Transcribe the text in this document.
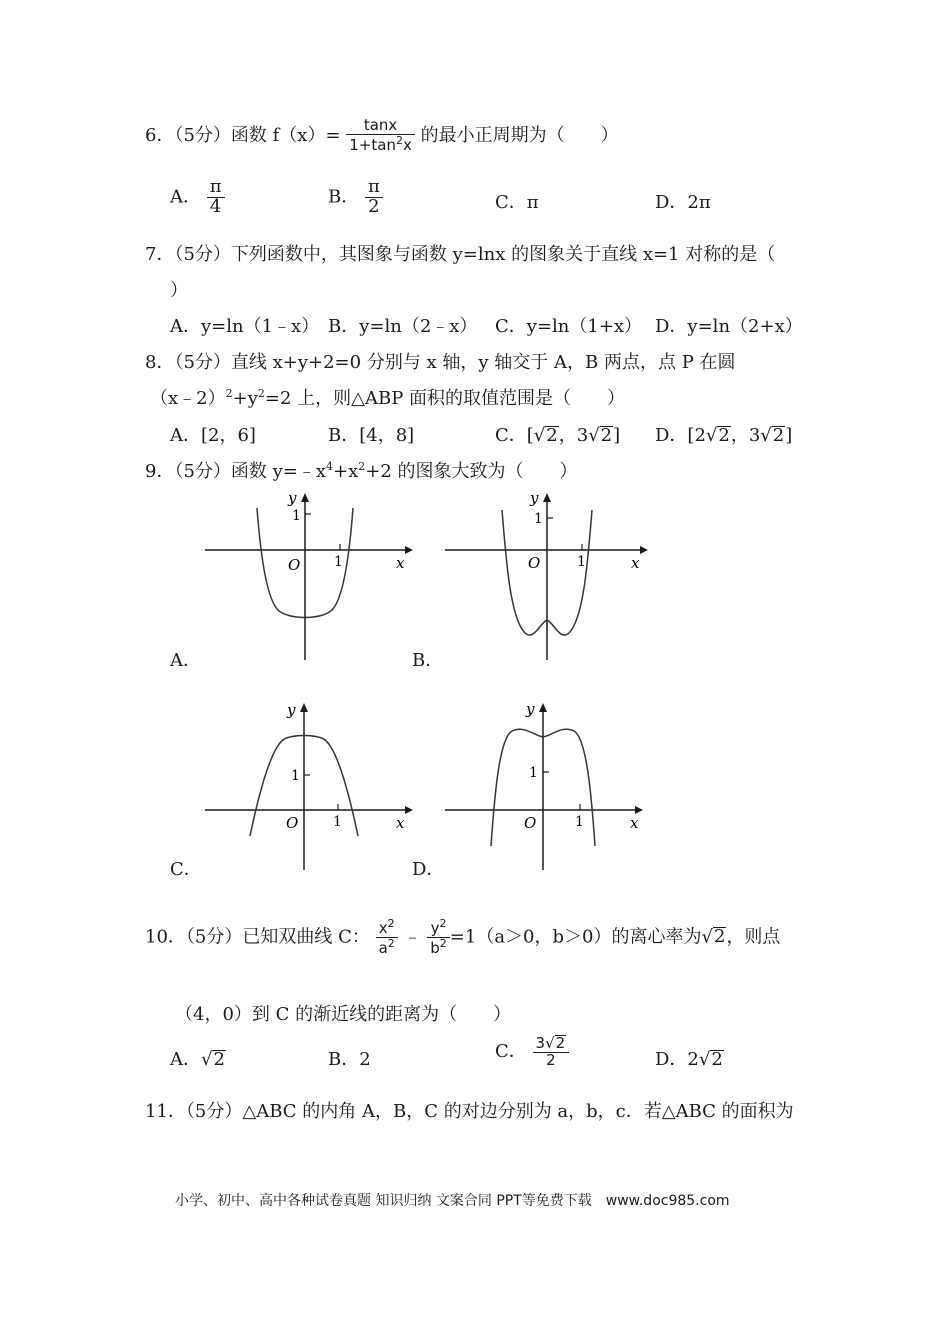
6．（5分）函数 $f(x)= \frac{\tan x}{1+\tan^2x}$ 的最小正周期为（　　）
A． $\frac{\pi}{4}$	B． $\frac{\pi}{2}$	C．π	D．2π
7．（5分）下列函数中，其图象与函数 y=lnx 的图象关于直线 x=1 对称的是（
）
A．y=ln（1﹣x） B．y=ln（2﹣x） C．y=ln（1+x） D．y=ln（2+x）
8．（5分）直线 x+y+2=0 分别与 x 轴，y 轴交于 A，B 两点，点 P 在圆
$(x﹣2)^2+y^2=2$ 上，则△ABP 面积的取值范围是（　　）
A．[2，6]	B．[4，8]	C．[√2，3√2] D．[2√2，3√2]
9．（5分）函数 $y=﹣x^4+x^2+2$ 的图象大致为（　　）
y
1
O 1	x
A．
y
1
O	1	x
B．
y
1
O 1	x
C．
y
1
O	1	x
D．
10．（5分）已知双曲线 C： $\frac{x^2}{a^2}$ ﹣ $\frac{y^2}{b^2} =1(a>0$，b＞0）的离心率为√2，则点
（4，0）到 C 的渐近线的距离为（　　）
A．√2	B．2	C． $\frac{3√2}{2}$	D．2√2
11．（5分）△ABC 的内角 A，B，C 的对边分别为 a，b，c．若△ABC 的面积为
小学、初中、高中各种试卷真题 知识归纳 文案合同 PPT等免费下载　www.doc985.com
